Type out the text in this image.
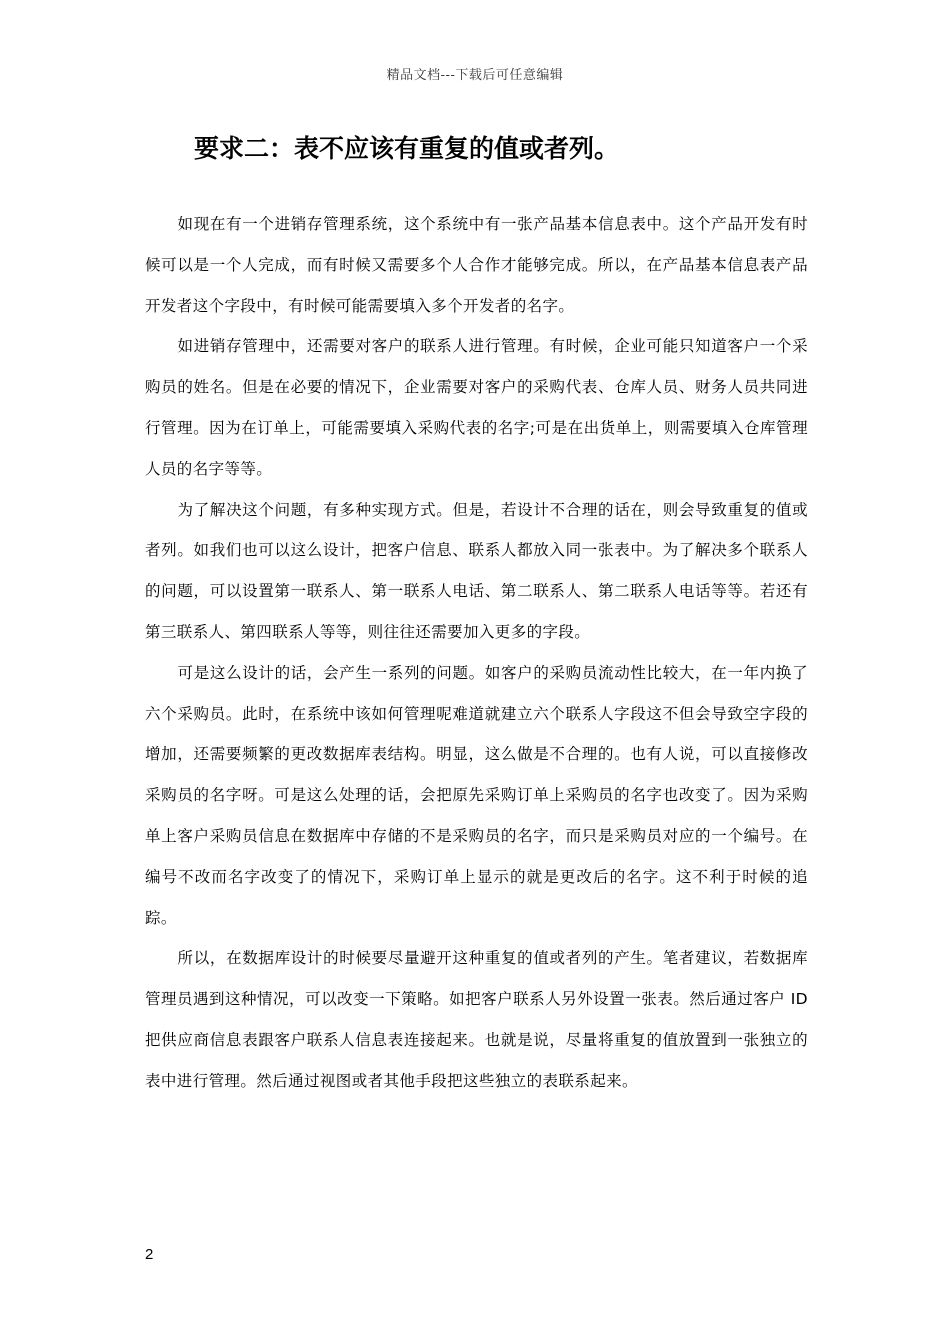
精品文档---下载后可任意编辑
要求二：表不应该有重复的值或者列。

如现在有一个进销存管理系统，这个系统中有一张产品基本信息表中。这个产品开发有时候可以是一个人完成，而有时候又需要多个人合作才能够完成。所以，在产品基本信息表产品开发者这个字段中，有时候可能需要填入多个开发者的名字。

如进销存管理中，还需要对客户的联系人进行管理。有时候，企业可能只知道客户一个采购员的姓名。但是在必要的情况下，企业需要对客户的采购代表、仓库人员、财务人员共同进行管理。因为在订单上，可能需要填入采购代表的名字;可是在出货单上，则需要填入仓库管理人员的名字等等。

为了解决这个问题，有多种实现方式。但是，若设计不合理的话在，则会导致重复的值或者列。如我们也可以这么设计，把客户信息、联系人都放入同一张表中。为了解决多个联系人的问题，可以设置第一联系人、第一联系人电话、第二联系人、第二联系人电话等等。若还有第三联系人、第四联系人等等，则往往还需要加入更多的字段。

可是这么设计的话，会产生一系列的问题。如客户的采购员流动性比较大，在一年内换了六个采购员。此时，在系统中该如何管理呢难道就建立六个联系人字段这不但会导致空字段的增加，还需要频繁的更改数据库表结构。明显，这么做是不合理的。也有人说，可以直接修改采购员的名字呀。可是这么处理的话，会把原先采购订单上采购员的名字也改变了。因为采购单上客户采购员信息在数据库中存储的不是采购员的名字，而只是采购员对应的一个编号。在编号不改而名字改变了的情况下，采购订单上显示的就是更改后的名字。这不利于时候的追踪。

所以，在数据库设计的时候要尽量避开这种重复的值或者列的产生。笔者建议，若数据库管理员遇到这种情况，可以改变一下策略。如把客户联系人另外设置一张表。然后通过客户 ID 把供应商信息表跟客户联系人信息表连接起来。也就是说，尽量将重复的值放置到一张独立的表中进行管理。然后通过视图或者其他手段把这些独立的表联系起来。

2
